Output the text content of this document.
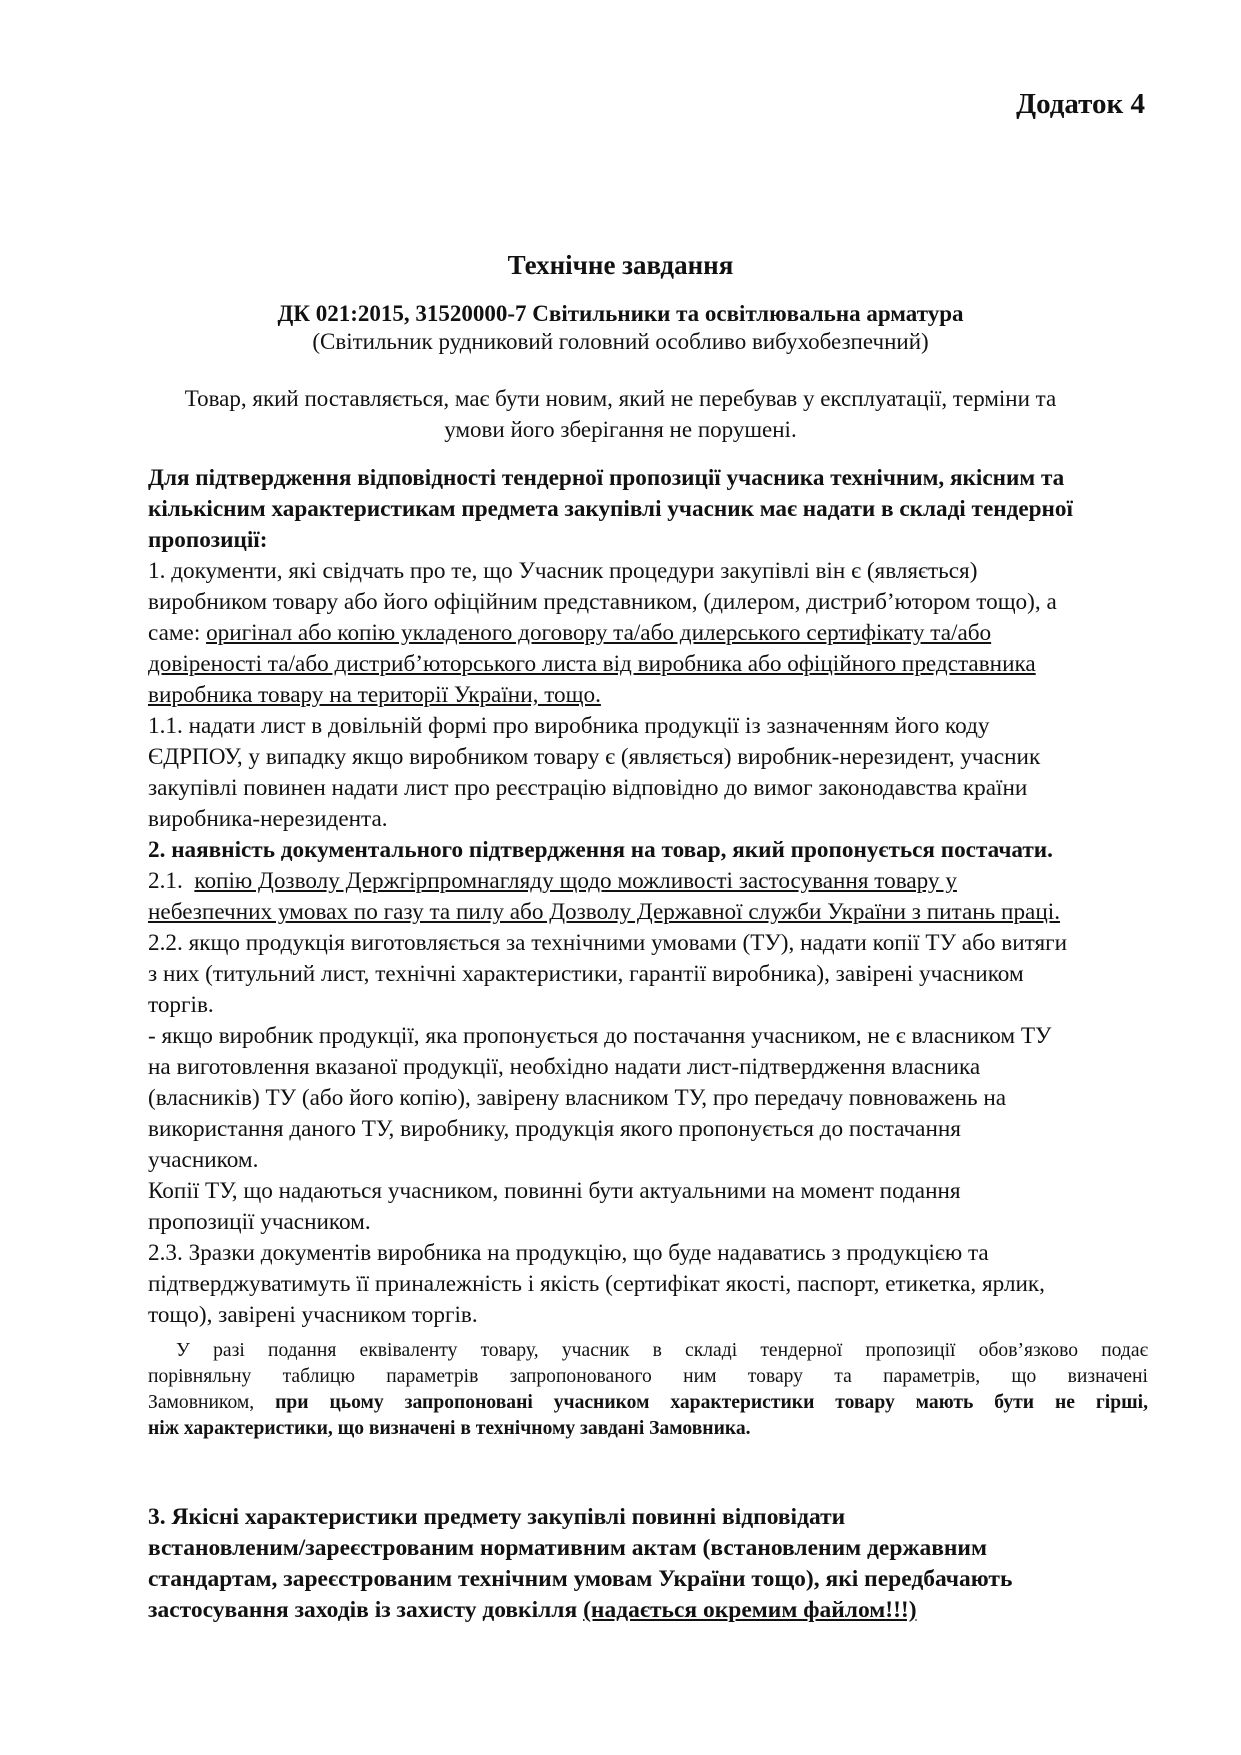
Додаток 4

Технічне завдання

ДК 021:2015, 31520000-7 Світильники та освітлювальна арматура

(Світильник рудниковий головний особливо вибухобезпечний)

Товар, який поставляється, має бути новим, який не перебував у експлуатації, терміни та

умови його зберігання не порушені.

Для підтвердження відповідності тендерної пропозиції учасника технічним, якісним та

кількісним характеристикам предмета закупівлі учасник має надати в складі тендерної

пропозиції:

1. документи, які свідчать про те, що Учасник процедури закупівлі він є (являється)

виробником товару або його офіційним представником, (дилером, дистриб’ютором тощо), а

саме: оригінал або копію укладеного договору та/або дилерського сертифікату та/або

довіреності та/або дистриб’юторського листа від виробника або офіційного представника

виробника товару на території України, тощо.

1.1. надати лист в довільній формі про виробника продукції із зазначенням його коду

ЄДРПОУ, у випадку якщо виробником товару є (являється) виробник-нерезидент, учасник

закупівлі повинен надати лист про реєстрацію відповідно до вимог законодавства країни

виробника-нерезидента.

2. наявність документального підтвердження на товар, який пропонується постачати.

2.1.  копію Дозволу Держгірпромнагляду щодо можливості застосування товару у

небезпечних умовах по газу та пилу або Дозволу Державної служби України з питань праці.

2.2. якщо продукція виготовляється за технічними умовами (ТУ), надати копії ТУ або витяги

з них (титульний лист, технічні характеристики, гарантії виробника), завірені учасником

торгів.

- якщо виробник продукції, яка пропонується до постачання учасником, не є власником ТУ

на виготовлення вказаної продукції, необхідно надати лист-підтвердження власника

(власників) ТУ (або його копію), завірену власником ТУ, про передачу повноважень на

використання даного ТУ, виробнику, продукція якого пропонується до постачання

учасником.

Копії ТУ, що надаються учасником, повинні бути актуальними на момент подання

пропозиції учасником.

2.3. Зразки документів виробника на продукцію, що буде надаватись з продукцією та

підтверджуватимуть її приналежність і якість (сертифікат якості, паспорт, етикетка, ярлик,

тощо), завірені учасником торгів.

У разі подання еквіваленту товару, учасник в складі тендерної пропозиції обов’язково подає

порівняльну таблицю параметрів запропонованого ним товару та параметрів, що визначені

Замовником, при цьому запропоновані учасником характеристики товару мають бути не гірші,

ніж характеристики, що визначені в технічному завдані Замовника.

3. Якісні характеристики предмету закупівлі повинні відповідати

встановленим/зареєстрованим нормативним актам (встановленим державним

стандартам, зареєстрованим технічним умовам України тощо), які передбачають

застосування заходів із захисту довкілля (надається окремим файлом!!!)
